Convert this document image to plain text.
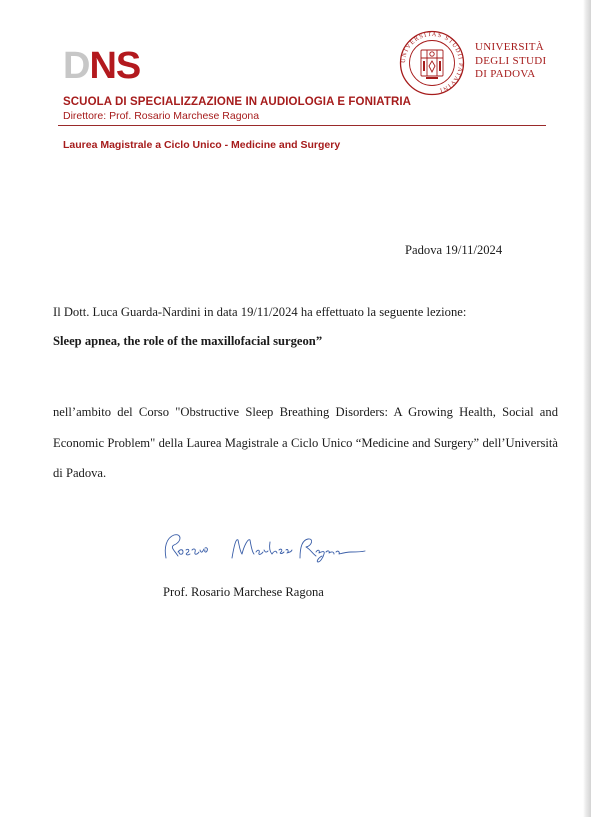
DNS
SCUOLA DI SPECIALIZZAZIONE IN AUDIOLOGIA E FONIATRIA
Direttore: Prof. Rosario Marchese Ragona
Laurea Magistrale a Ciclo Unico - Medicine and Surgery
UNIVERSITAS STUDII PATAVINI
UNIVERSITÀ
DEGLI STUDI
DI PADOVA
Padova 19/11/2024
Il Dott. Luca Guarda-Nardini in data 19/11/2024 ha effettuato la seguente lezione:
Sleep apnea, the role of the maxillofacial surgeon”
nell’ambito del Corso "Obstructive Sleep Breathing Disorders: A Growing Health, Social and Economic Problem" della Laurea Magistrale a Ciclo Unico “Medicine and Surgery” dell’Università di Padova.
Prof. Rosario Marchese Ragona
